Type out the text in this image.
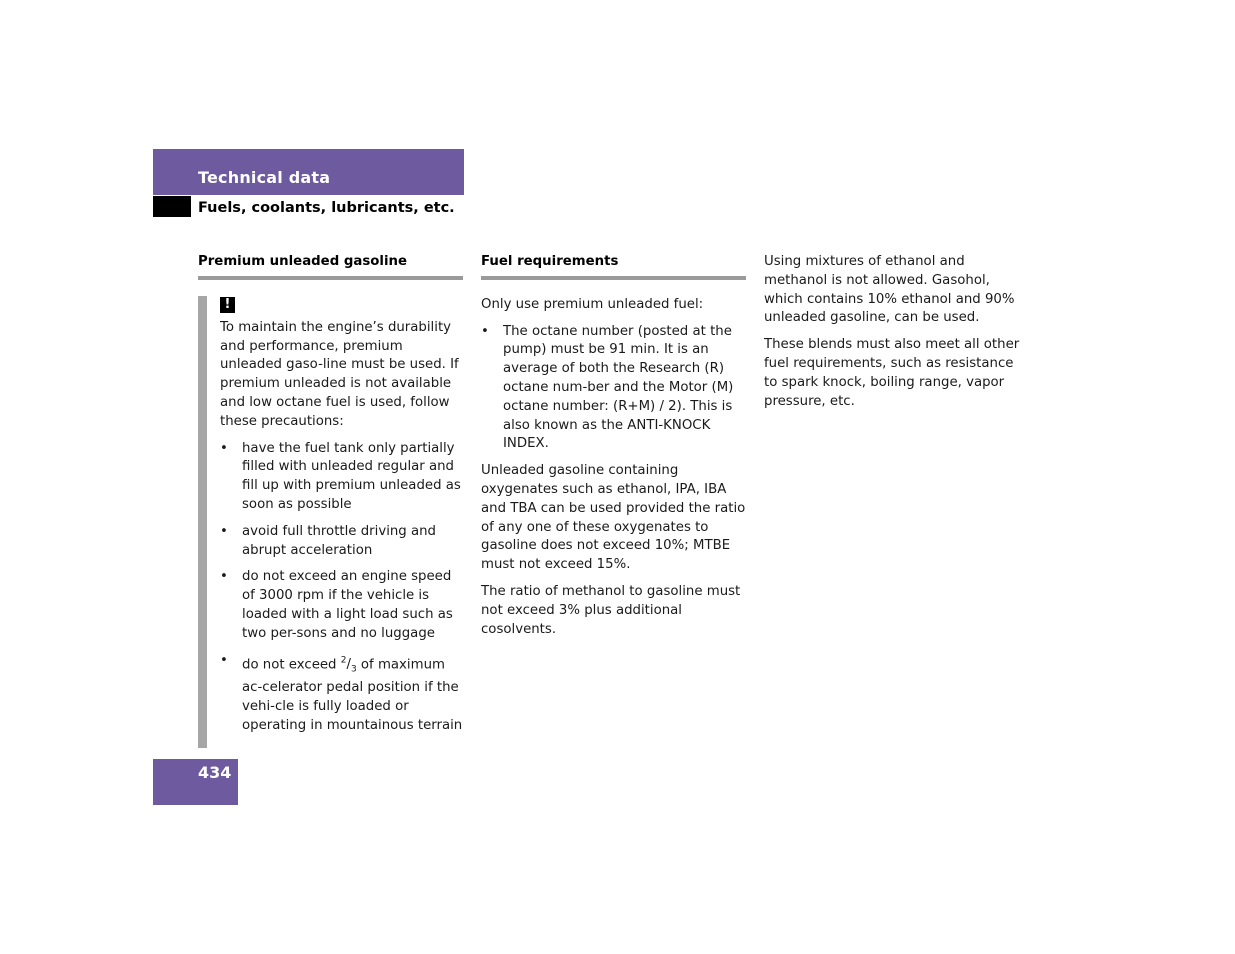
Technical data
Fuels, coolants, lubricants, etc.
Premium unleaded gasoline
!

To maintain the engine’s durability and performance, premium unleaded gaso-line must be used. If premium unleaded is not available and low octane fuel is used, follow these precautions:

• have the fuel tank only partially filled with unleaded regular and fill up with premium unleaded as soon as possible
• avoid full throttle driving and abrupt acceleration
• do not exceed an engine speed of 3000 rpm if the vehicle is loaded with a light load such as two per-sons and no luggage
• do not exceed $^2/_3$ of maximum ac-celerator pedal position if the vehi-cle is fully loaded or operating in mountainous terrain
Fuel requirements

Only use premium unleaded fuel:

• The octane number (posted at the pump) must be 91 min. It is an average of both the Research (R) octane num-ber and the Motor (M) octane number: (R+M) / 2). This is also known as the ANTI-KNOCK INDEX.

Unleaded gasoline containing oxygenates such as ethanol, IPA, IBA and TBA can be used provided the ratio of any one of these oxygenates to gasoline does not exceed 10%; MTBE must not exceed 15%.

The ratio of methanol to gasoline must not exceed 3% plus additional cosolvents.

Using mixtures of ethanol and methanol is not allowed. Gasohol, which contains 10% ethanol and 90% unleaded gasoline, can be used.

These blends must also meet all other fuel requirements, such as resistance to spark knock, boiling range, vapor pressure, etc.

434
